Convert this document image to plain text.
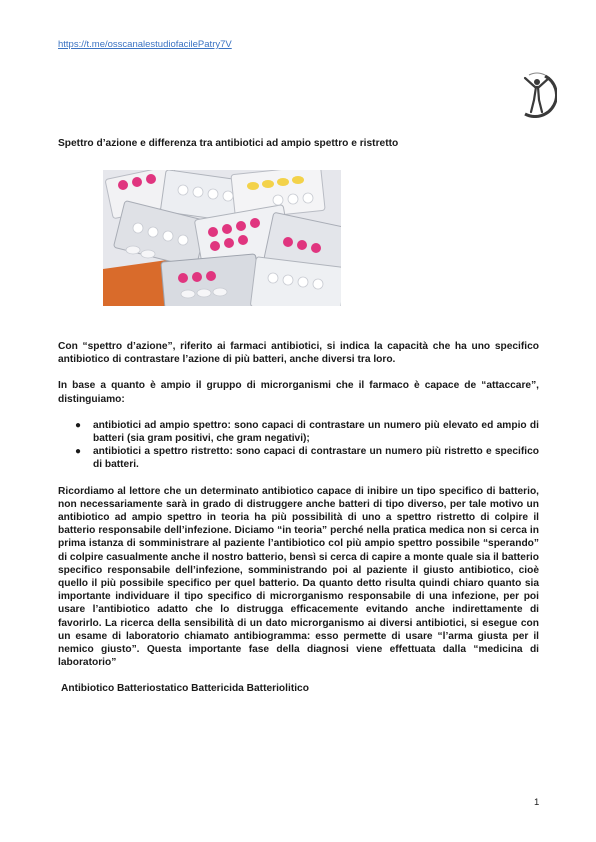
https://t.me/osscanalestudiofacilePatry7V
Spettro d’azione e differenza tra antibiotici ad ampio spettro e ristretto

Con “spettro d’azione”, riferito ai farmaci antibiotici, si indica la capacità che ha uno specifico antibiotico di contrastare l’azione di più batteri, anche diversi tra loro.

In base a quanto è ampio il gruppo di microrganismi che il farmaco è capace de “attaccare”, distinguiamo:

● antibiotici ad ampio spettro: sono capaci di contrastare un numero più elevato ed ampio di batteri (sia gram positivi, che gram negativi);
● antibiotici a spettro ristretto: sono capaci di contrastare un numero più ristretto e specifico di batteri.

Ricordiamo al lettore che un determinato antibiotico capace di inibire un tipo specifico di batterio, non necessariamente sarà in grado di distruggere anche batteri di tipo diverso, per tale motivo un antibiotico ad ampio spettro in teoria ha più possibilità di uno a spettro ristretto di colpire il batterio responsabile dell’infezione. Diciamo “in teoria” perché nella pratica medica non si cerca in prima istanza di somministrare al paziente l’antibiotico col più ampio spettro possibile “sperando” di colpire casualmente anche il nostro batterio, bensì si cerca di capire a monte quale sia il batterio specifico responsabile dell’infezione, somministrando poi al paziente il giusto antibiotico, cioè quello il più possibile specifico per quel batterio. Da quanto detto risulta quindi chiaro quanto sia importante individuare il tipo specifico di microrganismo responsabile di una infezione, per poi usare l’antibiotico adatto che lo distrugga efficacemente evitando anche indirettamente di favorirlo. La ricerca della sensibilità di un dato microrganismo ai diversi antibiotici, si esegue con un esame di laboratorio chiamato antibiogramma: esso permette di usare “l’arma giusta per il nemico giusto”. Questa importante fase della diagnosi viene effettuata dalla “medicina di laboratorio”

Antibiotico Batteriostatico Battericida Batteriolitico

1
